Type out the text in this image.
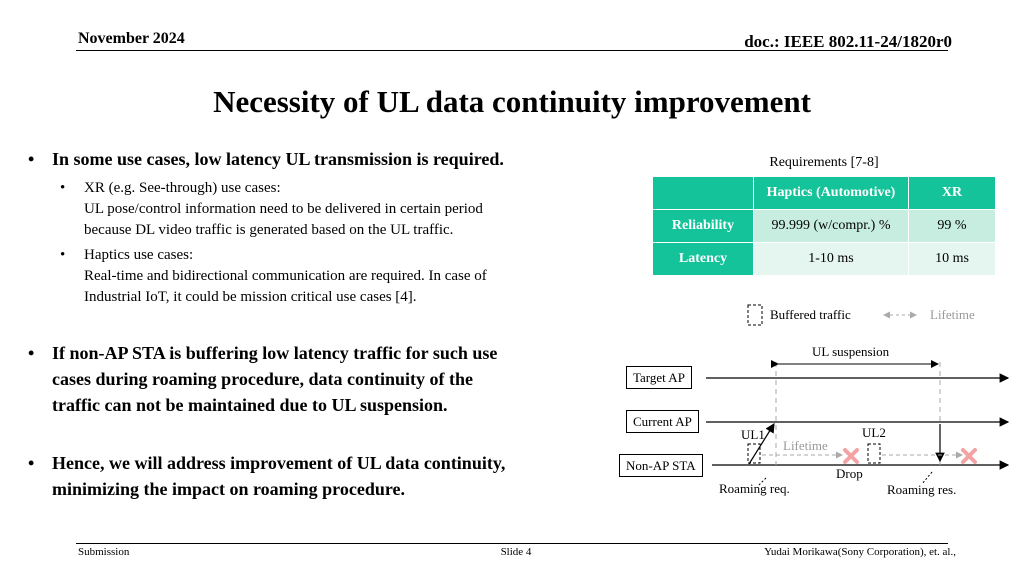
November 2024	doc.: IEEE 802.11-24/1820r0
Necessity of UL data continuity improvement
• In some use cases, low latency UL transmission is required.
• XR (e.g. See-through) use cases:
UL pose/control information need to be delivered in certain period
because DL video traffic is generated based on the UL traffic.
• Haptics use cases:
Real-time and bidirectional communication are required. In case of
Industrial IoT, it could be mission critical use cases [4].
• If non-AP STA is buffering low latency traffic for such use
cases during roaming procedure, data continuity of the
traffic can not be maintained due to UL suspension.
• Hence, we will address improvement of UL data continuity,
minimizing the impact on roaming procedure.
Requirements [7-8]
	Haptics (Automotive)	XR
Reliability	99.999 (w/compr.) %	99 %
Latency	1-10 ms	10 ms
Buffered traffic	Lifetime
UL suspension
Target AP
Current AP
Non-AP STA
UL1	UL2
Lifetime
Drop
Roaming req.	Roaming res.
Submission	Slide 4	Yudai Morikawa(Sony Corporation), et. al.,
